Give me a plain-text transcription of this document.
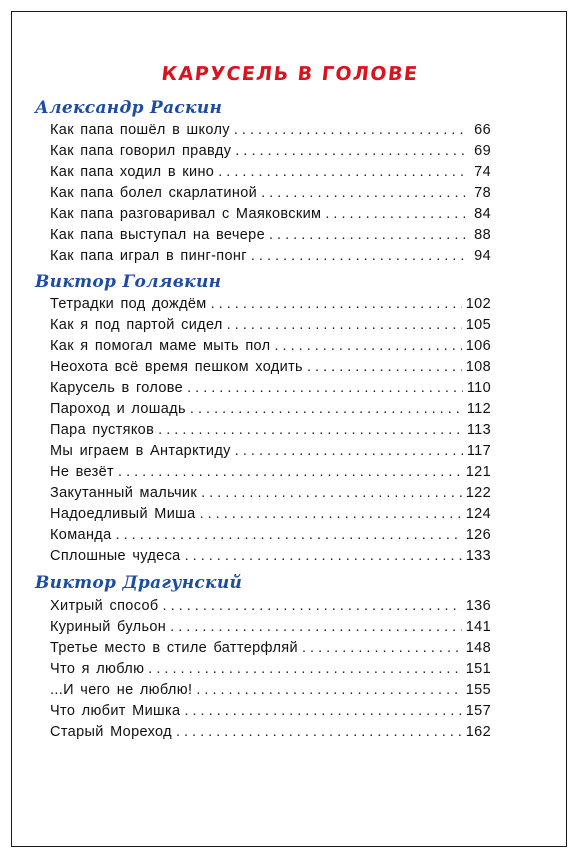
КАРУСЕЛЬ В ГОЛОВЕ
Александр Раскин
Как папа пошёл в школу . . .	66
Как папа говорил правду . . .	69
Как папа ходил в кино . . .	74
Как папа болел скарлатиной . . .	78
Как папа разговаривал с Маяковским . . .	84
Как папа выступал на вечере . . .	88
Как папа играл в пинг-понг . . .	94
Виктор Голявкин
Тетрадки под дождём . . .	102
Как я под партой сидел . . .	105
Как я помогал маме мыть пол . . .	106
Неохота всё время пешком ходить . . .	108
Карусель в голове . . .	110
Пароход и лошадь . . .	112
Пара пустяков . . .	113
Мы играем в Антарктиду . . .	117
Не везёт . . .	121
Закутанный мальчик . . .	122
Надоедливый Миша . . .	124
Команда . . .	126
Сплошные чудеса . . .	133
Виктор Драгунский
Хитрый способ . . .	136
Куриный бульон . . .	141
Третье место в стиле баттерфляй . . .	148
Что я люблю . . .	151
...И чего не люблю! . . .	155
Что любит Мишка . . .	157
Старый Мореход . . .	162
